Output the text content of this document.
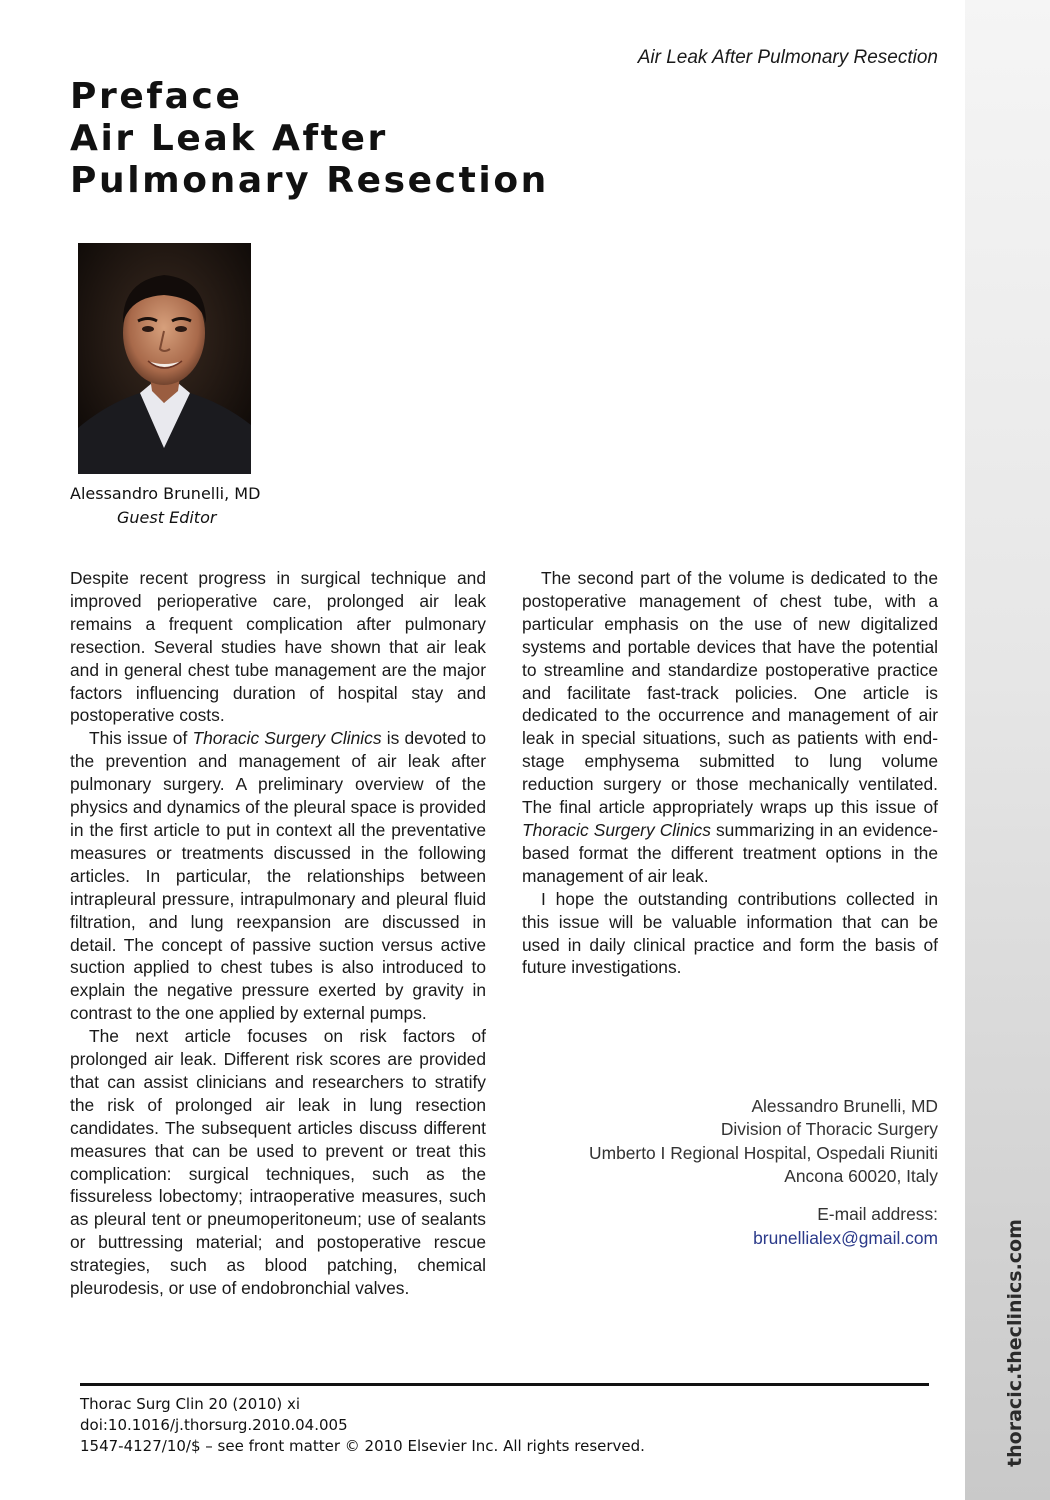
thoracic.theclinics.com
Air Leak After Pulmonary Resection
Preface
Air Leak After
Pulmonary Resection
Alessandro Brunelli, MD
Guest Editor

Despite recent progress in surgical technique and improved perioperative care, prolonged air leak remains a frequent complication after pulmonary resection. Several studies have shown that air leak and in general chest tube management are the major factors influencing duration of hospital stay and postoperative costs.

This issue of Thoracic Surgery Clinics is devoted to the prevention and management of air leak after pulmonary surgery. A preliminary overview of the physics and dynamics of the pleural space is provided in the first article to put in context all the preventative measures or treatments discussed in the following articles. In particular, the relationships between intrapleural pressure, intrapulmonary and pleural fluid filtration, and lung reexpansion are discussed in detail. The concept of passive suction versus active suction applied to chest tubes is also introduced to explain the negative pressure exerted by gravity in contrast to the one applied by external pumps.

The next article focuses on risk factors of prolonged air leak. Different risk scores are provided that can assist clinicians and researchers to stratify the risk of prolonged air leak in lung resection candidates. The subsequent articles discuss different measures that can be used to prevent or treat this complication: surgical techniques, such as the fissureless lobectomy; intraoperative measures, such as pleural tent or pneumoperitoneum; use of sealants or buttressing material; and postoperative rescue strategies, such as blood patching, chemical pleurodesis, or use of endobronchial valves.

The second part of the volume is dedicated to the postoperative management of chest tube, with a particular emphasis on the use of new digitalized systems and portable devices that have the potential to streamline and standardize postoperative practice and facilitate fast-track policies. One article is dedicated to the occurrence and management of air leak in special situations, such as patients with end-stage emphysema submitted to lung volume reduction surgery or those mechanically ventilated. The final article appropriately wraps up this issue of Thoracic Surgery Clinics summarizing in an evidence-based format the different treatment options in the management of air leak.

I hope the outstanding contributions collected in this issue will be valuable information that can be used in daily clinical practice and form the basis of future investigations.

Alessandro Brunelli, MD
Division of Thoracic Surgery
Umberto I Regional Hospital, Ospedali Riuniti
Ancona 60020, Italy
E-mail address:
brunellialex@gmail.com
Thorac Surg Clin 20 (2010) xi
doi:10.1016/j.thorsurg.2010.04.005
1547-4127/10/$ – see front matter © 2010 Elsevier Inc. All rights reserved.
